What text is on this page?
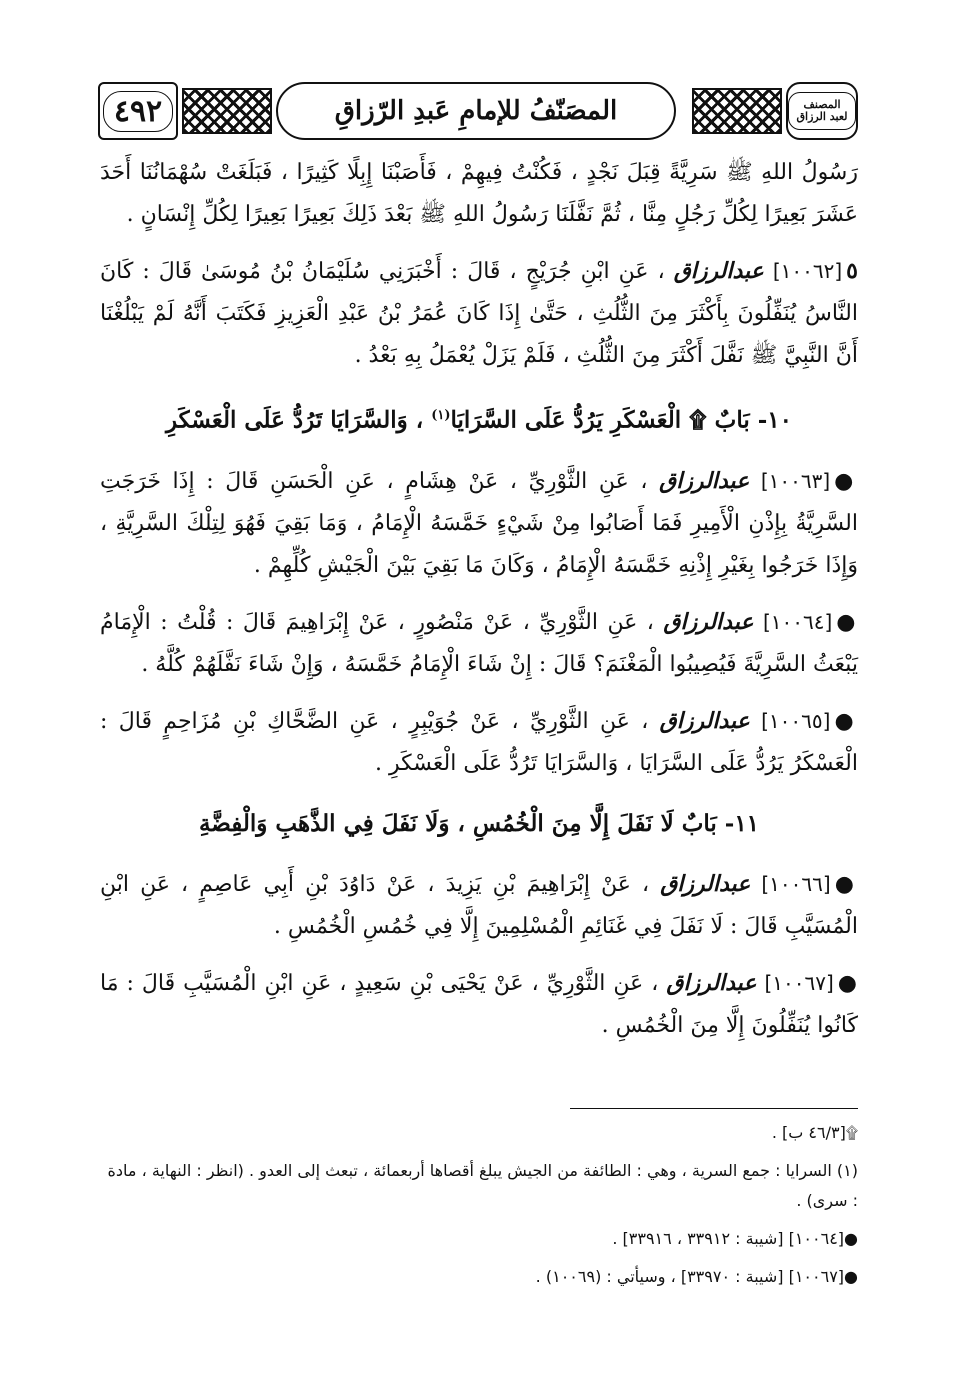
٤٩٢	المصَنّفُ للإمامِ عَبدِ الرّزاقِ	المصنف لعبد الرزاق

رَسُولُ اللهِ ﷺ سَرِيَّةً قِبَلَ نَجْدٍ ، فَكُنْتُ فِيهِمْ ، فَأَصَبْنَا إِبِلًا كَثِيرًا ، فَبَلَغَتْ سُهْمَانُنَا أَحَدَ عَشَرَ بَعِيرًا لِكُلِّ رَجُلٍ مِنَّا ، ثُمَّ نَفَّلَنَا رَسُولُ اللهِ ﷺ بَعْدَ ذَلِكَ بَعِيرًا بَعِيرًا لِكُلِّ إِنْسَانٍ .

٥[١٠٠٦٢] عبدالرزاق ، عَنِ ابْنِ جُرَيْجٍ ، قَالَ : أَخْبَرَنِي سُلَيْمَانُ بْنُ مُوسَىٰ قَالَ : كَانَ النَّاسُ يُنَفِّلُونَ بِأَكْثَرَ مِنَ الثُّلُثِ ، حَتَّىٰ إِذَا كَانَ عُمَرُ بْنُ عَبْدِ الْعَزِيزِ فَكَتَبَ أَنَّهُ لَمْ يَبْلُغْنَا أَنَّ النَّبِيَّ ﷺ نَفَّلَ أَكْثَرَ مِنَ الثُّلُثِ ، فَلَمْ يَزَلْ يُعْمَلُ بِهِ بَعْدُ .

١٠- بَابٌ ۩ الْعَسْكَرِ يَرُدُّ عَلَى السَّرَايَا$^{(١)}$ ، وَالسَّرَايَا تَرُدُّ عَلَى الْعَسْكَرِ

●[١٠٠٦٣] عبدالرزاق ، عَنِ الثَّوْرِيِّ ، عَنْ هِشَامٍ ، عَنِ الْحَسَنِ قَالَ : إِذَا خَرَجَتِ السَّرِيَّةُ بِإِذْنِ الْأَمِيرِ فَمَا أَصَابُوا مِنْ شَيْءٍ خَمَّسَهُ الْإِمَامُ ، وَمَا بَقِيَ فَهُوَ لِتِلْكَ السَّرِيَّةِ ، وَإِذَا خَرَجُوا بِغَيْرِ إِذْنِهِ خَمَّسَهُ الْإِمَامُ ، وَكَانَ مَا بَقِيَ بَيْنَ الْجَيْشِ كُلِّهِمْ .

●[١٠٠٦٤] عبدالرزاق ، عَنِ الثَّوْرِيِّ ، عَنْ مَنْصُورٍ ، عَنْ إِبْرَاهِيمَ قَالَ : قُلْتُ : الْإِمَامُ يَبْعَثُ السَّرِيَّةَ فَيُصِيبُوا الْمَغْنَمَ؟ قَالَ : إِنْ شَاءَ الْإِمَامُ خَمَّسَهُ ، وَإِنْ شَاءَ نَفَّلَهُمْ كُلَّهُ .

●[١٠٠٦٥] عبدالرزاق ، عَنِ الثَّوْرِيِّ ، عَنْ جُوَيْبِرٍ ، عَنِ الضَّحَّاكِ بْنِ مُزَاحِمٍ قَالَ : الْعَسْكَرُ يَرُدُّ عَلَى السَّرَايَا ، وَالسَّرَايَا تَرُدُّ عَلَى الْعَسْكَرِ .

١١- بَابٌ لَا نَفَلَ إِلَّا مِنَ الْخُمُسِ ، وَلَا نَفَلَ فِي الذَّهَبِ وَالْفِضَّةِ

●[١٠٠٦٦] عبدالرزاق ، عَنْ إِبْرَاهِيمَ بْنِ يَزِيدَ ، عَنْ دَاوُدَ بْنِ أَبِي عَاصِمٍ ، عَنِ ابْنِ الْمُسَيَّبِ قَالَ : لَا نَفَلَ فِي غَنَائِمِ الْمُسْلِمِينَ إِلَّا فِي خُمُسِ الْخُمُسِ .

●[١٠٠٦٧] عبدالرزاق ، عَنِ الثَّوْرِيِّ ، عَنْ يَحْيَى بْنِ سَعِيدٍ ، عَنِ ابْنِ الْمُسَيَّبِ قَالَ : مَا كَانُوا يُنَفِّلُونَ إِلَّا مِنَ الْخُمُسِ .

۩[٤٦/٣ ب] .

(١) السرايا : جمع السرية ، وهي : الطائفة من الجيش يبلغ أقصاها أربعمائة ، تبعث إلى العدو . (انظر : النهاية ، مادة : سرى) .

●[١٠٠٦٤] [شيبة : ٣٣٩١٢ ، ٣٣٩١٦] .

●[١٠٠٦٧] [شيبة : ٣٣٩٧٠] ، وسيأتي : (١٠٠٦٩) .
